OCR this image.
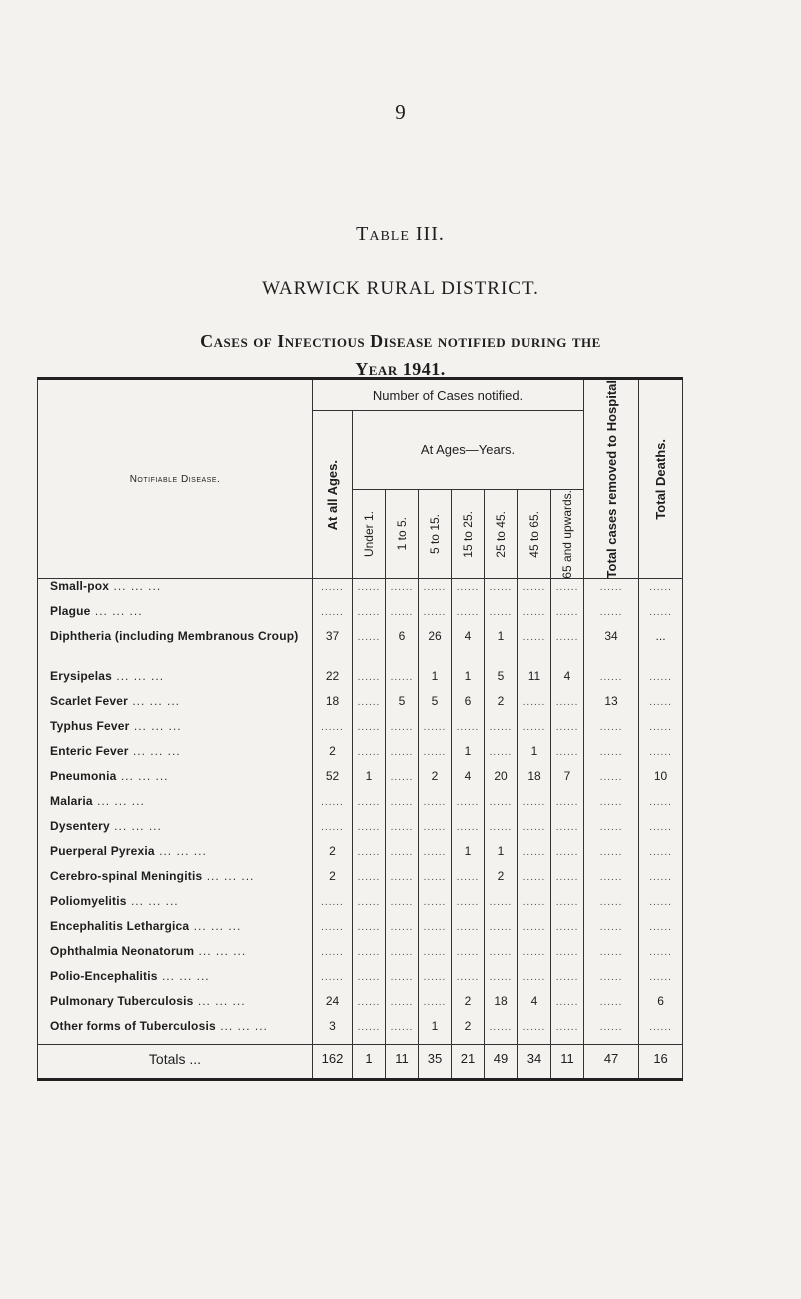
9
Table III.
WARWICK RURAL DISTRICT.
Cases of Infectious Disease notified during the
Year 1941.
Notifiable Disease.	Number of Cases notified.								Total cases removed to Hospital	Total Deaths.

	At all Ages.	At Ages—Years.								

		Under 1.	1 to 5.	5 to 15.	15 to 25.	25 to 45.	45 to 65.	65 and upwards.		

Small-pox ... ... ...	......	......	......	......	......	......	......	......	......	......
Plague ... ... ...	......	......	......	......	......	......	......	......	......	......
Diphtheria (including Membranous Croup)	37	......	6	26	4	1	......	......	34	...
Erysipelas ... ... ...	22	......	......	1	1	5	11	4	......	......
Scarlet Fever ... ... ...	18	......	5	5	6	2	......	......	13	......
Typhus Fever ... ... ...	......	......	......	......	......	......	......	......	......	......
Enteric Fever ... ... ...	2	......	......	......	1	......	1	......	......	......
Pneumonia ... ... ...	52	1	......	2	4	20	18	7	......	10
Malaria ... ... ...	......	......	......	......	......	......	......	......	......	......
Dysentery ... ... ...	......	......	......	......	......	......	......	......	......	......
Puerperal Pyrexia ... ... ...	2	......	......	......	1	1	......	......	......	......
Cerebro-spinal Meningitis ... ... ...	2	......	......	......	......	2	......	......	......	......
Poliomyelitis ... ... ...	......	......	......	......	......	......	......	......	......	......
Encephalitis Lethargica ... ... ...	......	......	......	......	......	......	......	......	......	......
Ophthalmia Neonatorum ... ... ...	......	......	......	......	......	......	......	......	......	......
Polio-Encephalitis ... ... ...	......	......	......	......	......	......	......	......	......	......
Pulmonary Tuberculosis ... ... ...	24	......	......	......	2	18	4	......	......	6
Other forms of Tuberculosis ... ... ...	3	......	......	1	2	......	......	......	......	......
Totals ...	162	1	11	35	21	49	34	11	47	16
